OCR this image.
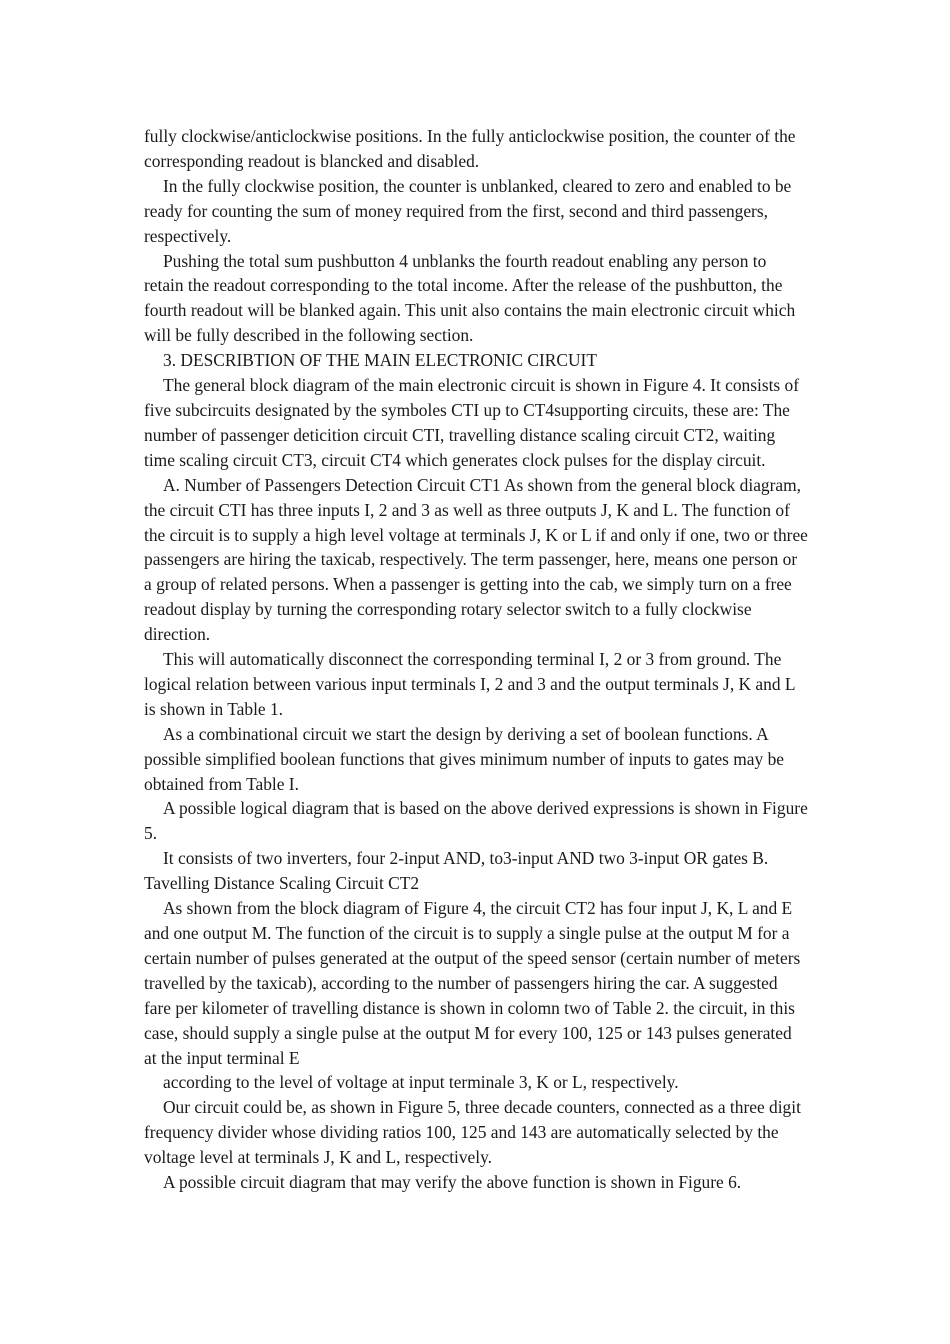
fully clockwise/anticlockwise positions. In the fully anticlockwise position, the counter of the corresponding readout is blancked and disabled.

In the fully clockwise position, the counter is unblanked, cleared to zero and enabled to be ready for counting the sum of money required from the first, second and third passengers, respectively.

Pushing the total sum pushbutton 4 unblanks the fourth readout enabling any person to retain the readout corresponding to the total income. After the release of the pushbutton, the fourth readout will be blanked again. This unit also contains the main electronic circuit which will be fully described in the following section.

3. DESCRIBTION OF THE MAIN ELECTRONIC CIRCUIT

The general block diagram of the main electronic circuit is shown in Figure 4. It consists of five subcircuits designated by the symboles CTI up to CT4supporting circuits, these are: The number of passenger deticition circuit CTI, travelling distance scaling circuit CT2, waiting time scaling circuit CT3, circuit CT4 which generates clock pulses for the display circuit.

A. Number of Passengers Detection Circuit CT1 As shown from the general block diagram, the circuit CTI has three inputs I, 2 and 3 as well as three outputs J, K and L. The function of the circuit is to supply a high level voltage at terminals J, K or L if and only if one, two or three passengers are hiring the taxicab, respectively. The term passenger, here, means one person or a group of related persons. When a passenger is getting into the cab, we simply turn on a free readout display by turning the corresponding rotary selector switch to a fully clockwise direction.

This will automatically disconnect the corresponding terminal I, 2 or 3 from ground. The logical relation between various input terminals I, 2 and 3 and the output terminals J, K and L is shown in Table 1.

As a combinational circuit we start the design by deriving a set of boolean functions. A possible simplified boolean functions that gives minimum number of inputs to gates may be obtained from Table I.

A possible logical diagram that is based on the above derived expressions is shown in Figure 5.

It consists of two inverters, four 2-input AND, to3-input AND two 3-input OR gates B. Tavelling Distance Scaling Circuit CT2

As shown from the block diagram of Figure 4, the circuit CT2 has four input J, K, L and E and one output M. The function of the circuit is to supply a single pulse at the output M for a certain number of pulses generated at the output of the speed sensor (certain number of meters travelled by the taxicab), according to the number of passengers hiring the car. A suggested fare per kilometer of travelling distance is shown in colomn two of Table 2. the circuit, in this case, should supply a single pulse at the output M for every 100, 125 or 143 pulses generated at the input terminal E

according to the level of voltage at input terminale 3, K or L, respectively.

Our circuit could be, as shown in Figure 5, three decade counters, connected as a three digit frequency divider whose dividing ratios 100, 125 and 143 are automatically selected by the voltage level at terminals J, K and L, respectively.

A possible circuit diagram that may verify the above function is shown in Figure 6.
